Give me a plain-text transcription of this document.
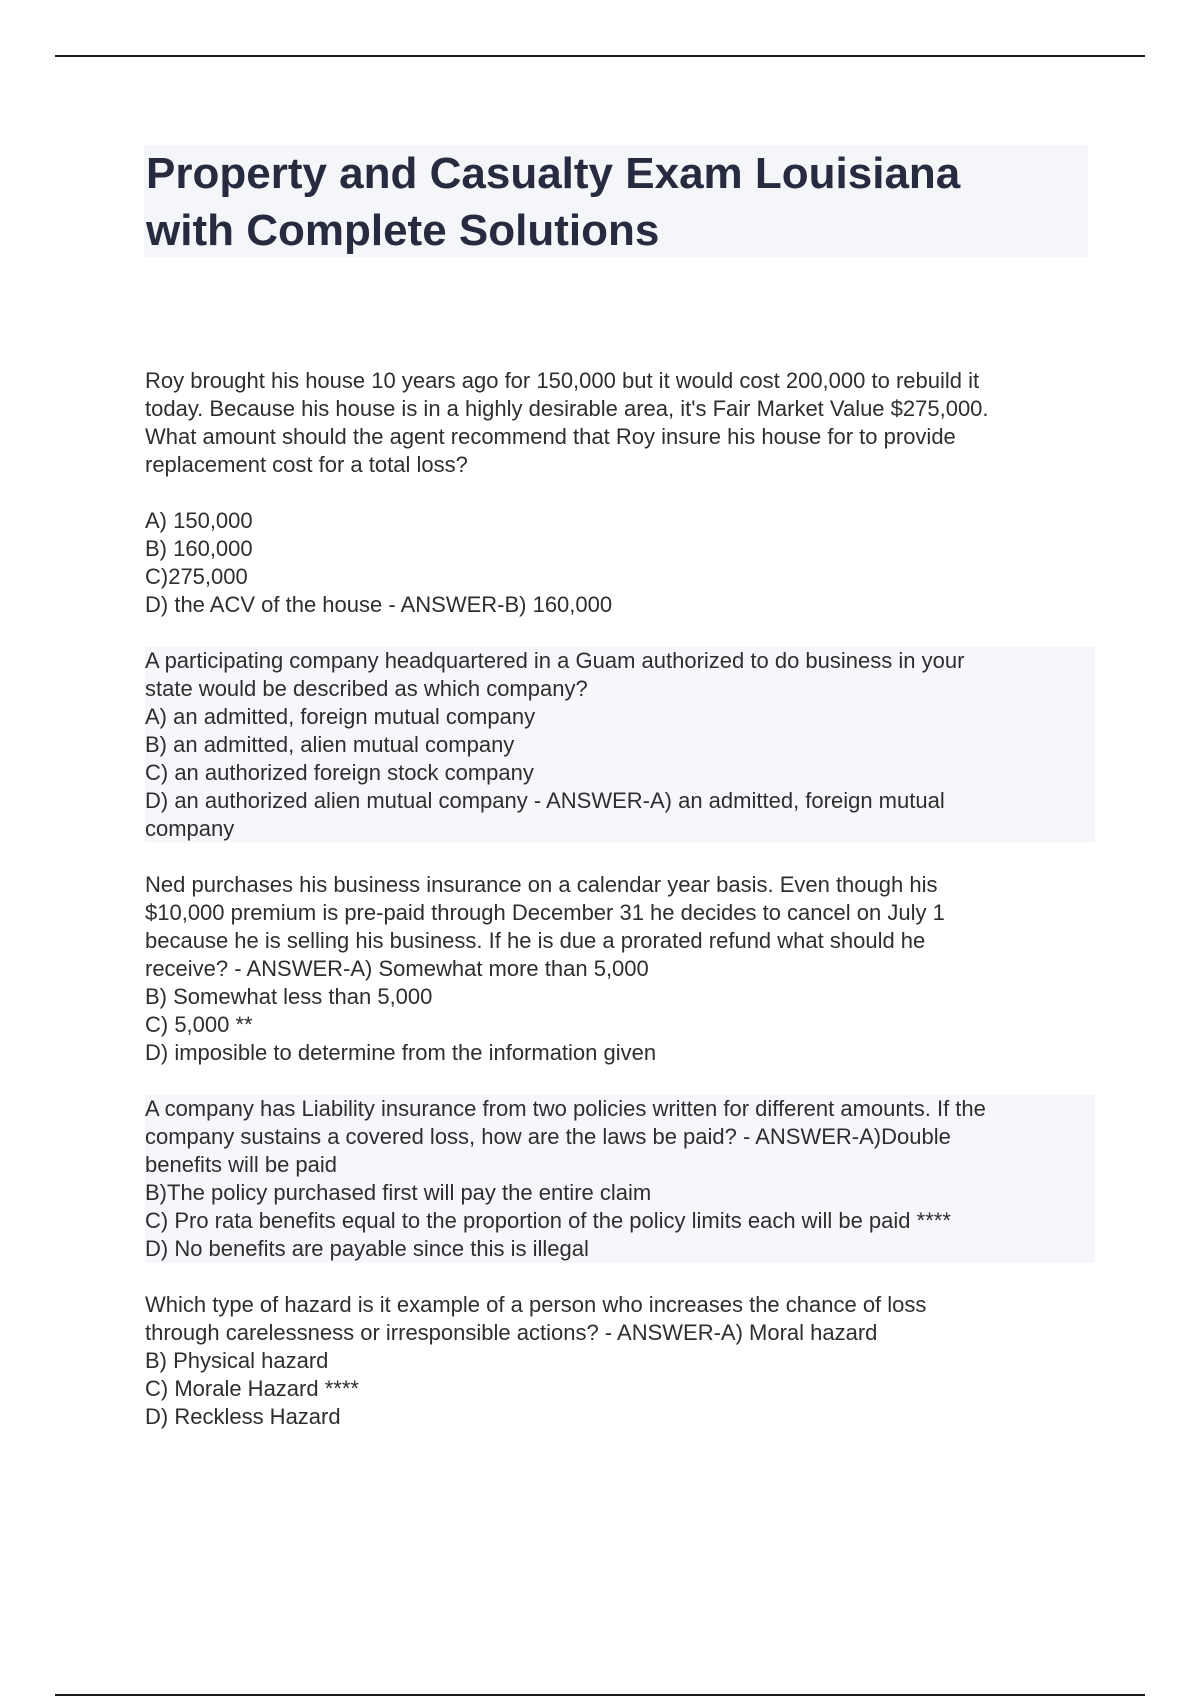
Property and Casualty Exam Louisiana
with Complete Solutions
Roy brought his house 10 years ago for 150,000 but it would cost 200,000 to rebuild it
today. Because his house is in a highly desirable area, it's Fair Market Value $275,000.
What amount should the agent recommend that Roy insure his house for to provide
replacement cost for a total loss?
A) 150,000
B) 160,000
C)275,000
D) the ACV of the house - ANSWER-B) 160,000
A participating company headquartered in a Guam authorized to do business in your
state would be described as which company?
A) an admitted, foreign mutual company
B) an admitted, alien mutual company
C) an authorized foreign stock company
D) an authorized alien mutual company - ANSWER-A) an admitted, foreign mutual
company
Ned purchases his business insurance on a calendar year basis. Even though his
$10,000 premium is pre-paid through December 31 he decides to cancel on July 1
because he is selling his business. If he is due a prorated refund what should he
receive? - ANSWER-A) Somewhat more than 5,000
B) Somewhat less than 5,000
C) 5,000 **
D) imposible to determine from the information given
A company has Liability insurance from two policies written for different amounts. If the
company sustains a covered loss, how are the laws be paid? - ANSWER-A)Double
benefits will be paid
B)The policy purchased first will pay the entire claim
C) Pro rata benefits equal to the proportion of the policy limits each will be paid ****
D) No benefits are payable since this is illegal
Which type of hazard is it example of a person who increases the chance of loss
through carelessness or irresponsible actions? - ANSWER-A) Moral hazard
B) Physical hazard
C) Morale Hazard ****
D) Reckless Hazard
